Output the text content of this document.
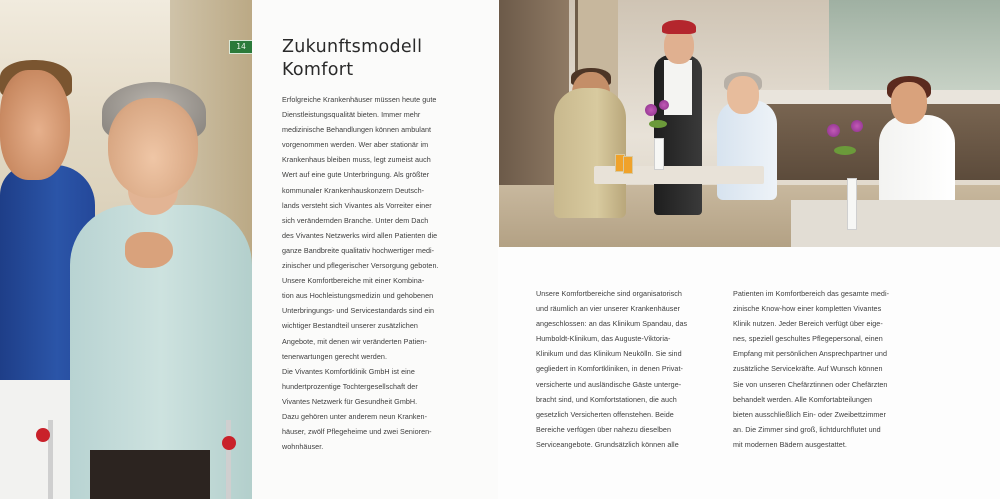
14	Zukunftsmodell
Komfort
Erfolgreiche Krankenhäuser müssen heute gute
Dienstleistungsqualität bieten. Immer mehr
medizinische Behandlungen können ambulant
vorgenommen werden. Wer aber stationär im
Krankenhaus bleiben muss, legt zumeist auch
Wert auf eine gute Unterbringung. Als größter
kommunaler Krankenhauskonzern Deutsch-
lands versteht sich Vivantes als Vorreiter einer
sich verändernden Branche. Unter dem Dach
des Vivantes Netzwerks wird allen Patienten die
ganze Bandbreite qualitativ hochwertiger medi-
zinischer und pflegerischer Versorgung geboten.
Unsere Komfortbereiche mit einer Kombina-
tion aus Hochleistungsmedizin und gehobenen
Unterbringungs- und Servicestandards sind ein
wichtiger Bestandteil unserer zusätzlichen
Angebote, mit denen wir veränderten Patien-
tenerwartungen gerecht werden.
Die Vivantes Komfortklinik GmbH ist eine
hundertprozentige Tochtergesellschaft der
Vivantes Netzwerk für Gesundheit GmbH.
Dazu gehören unter anderem neun Kranken-
häuser, zwölf Pflegeheime und zwei Senioren-
wohnhäuser.
Unsere Komfortbereiche sind organisatorisch
und räumlich an vier unserer Krankenhäuser
angeschlossen: an das Klinikum Spandau, das
Humboldt-Klinikum, das Auguste-Viktoria-
Klinikum und das Klinikum Neukölln. Sie sind
gegliedert in Komfortkliniken, in denen Privat-
versicherte und ausländische Gäste unterge-
bracht sind, und Komfortstationen, die auch
gesetzlich Versicherten offenstehen. Beide
Bereiche verfügen über nahezu dieselben
Serviceangebote. Grundsätzlich können alle
Patienten im Komfortbereich das gesamte medi-
zinische Know-how einer kompletten Vivantes
Klinik nutzen. Jeder Bereich verfügt über eige-
nes, speziell geschultes Pflegepersonal, einen
Empfang mit persönlichen Ansprechpartner und
zusätzliche Servicekräfte. Auf Wunsch können
Sie von unseren Chefärztinnen oder Chefärzten
behandelt werden. Alle Komfortabteilungen
bieten ausschließlich Ein- oder Zweibettzimmer
an. Die Zimmer sind groß, lichtdurchflutet und
mit modernen Bädern ausgestattet.
